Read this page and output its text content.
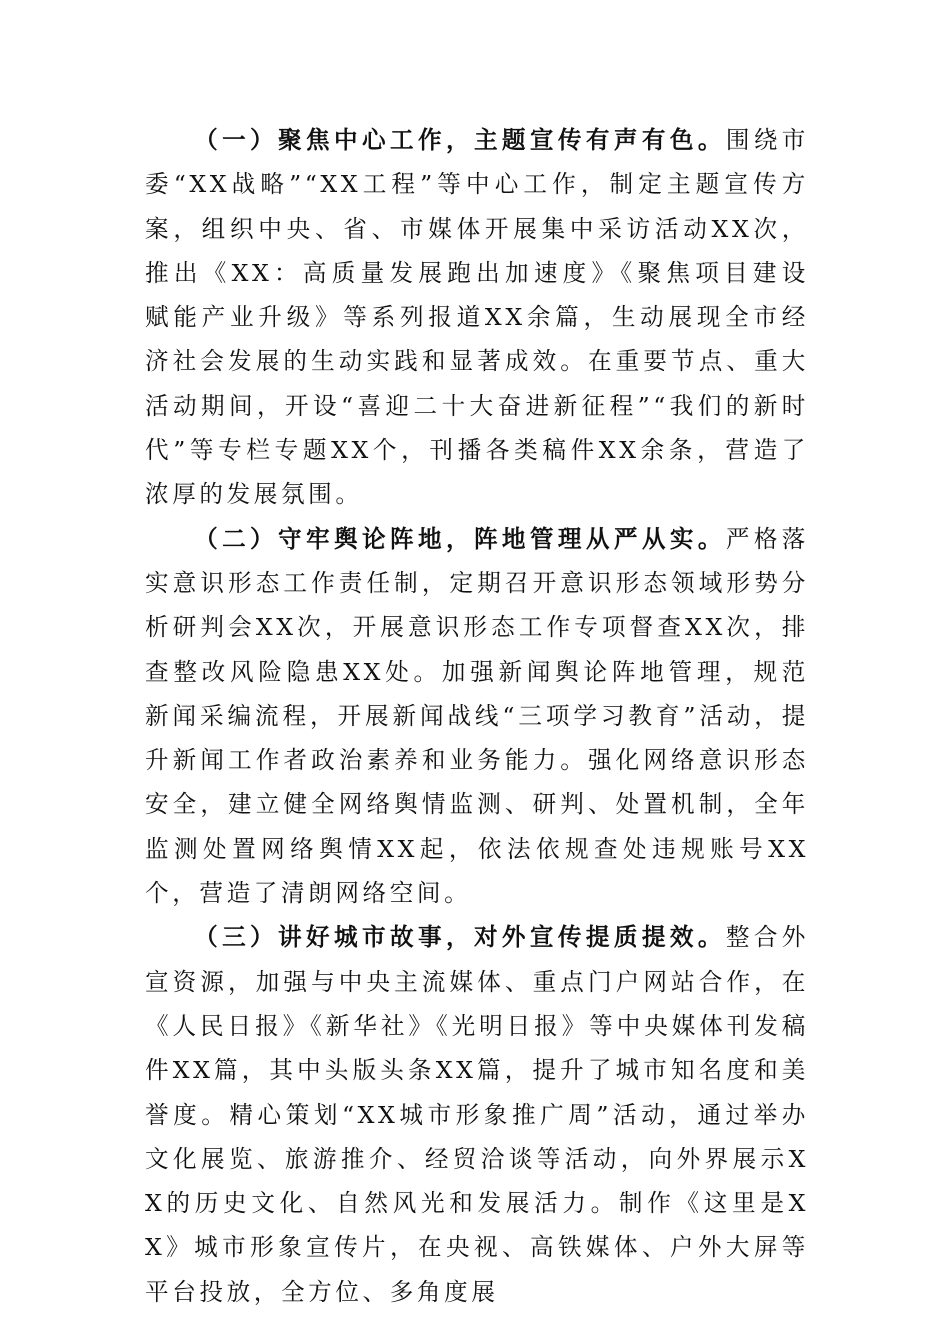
（一）聚焦中心工作，主题宣传有声有色。围绕市委“XX战略”“XX工程”等中心工作，制定主题宣传方案，组织中央、省、市媒体开展集中采访活动XX次，推出《XX：高质量发展跑出加速度》《聚焦项目建设 赋能产业升级》等系列报道XX余篇，生动展现全市经济社会发展的生动实践和显著成效。在重要节点、重大活动期间，开设“喜迎二十大奋进新征程”“我们的新时代”等专栏专题XX个，刊播各类稿件XX余条，营造了浓厚的发展氛围。

（二）守牢舆论阵地，阵地管理从严从实。严格落实意识形态工作责任制，定期召开意识形态领域形势分析研判会XX次，开展意识形态工作专项督查XX次，排查整改风险隐患XX处。加强新闻舆论阵地管理，规范新闻采编流程，开展新闻战线“三项学习教育”活动，提升新闻工作者政治素养和业务能力。强化网络意识形态安全，建立健全网络舆情监测、研判、处置机制，全年监测处置网络舆情XX起，依法依规查处违规账号XX个，营造了清朗网络空间。

（三）讲好城市故事，对外宣传提质提效。整合外宣资源，加强与中央主流媒体、重点门户网站合作，在《人民日报》《新华社》《光明日报》等中央媒体刊发稿件XX篇，其中头版头条XX篇，提升了城市知名度和美誉度。精心策划“XX城市形象推广周”活动，通过举办文化展览、旅游推介、经贸洽谈等活动，向外界展示XX的历史文化、自然风光和发展活力。制作《这里是XX》城市形象宣传片，在央视、高铁媒体、户外大屏等平台投放，全方位、多角度展
